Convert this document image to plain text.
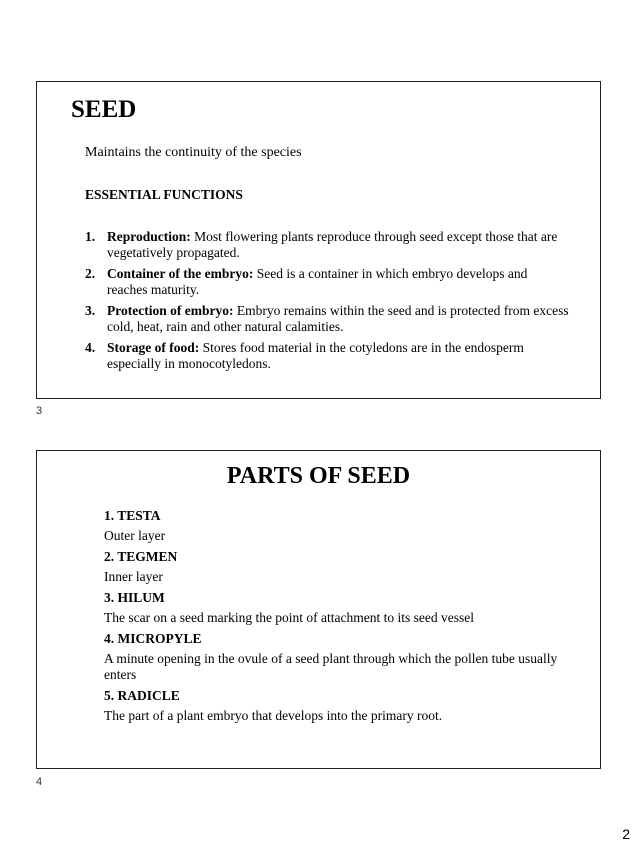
SEED

Maintains the continuity of the species

ESSENTIAL FUNCTIONS

1. Reproduction: Most flowering plants reproduce through seed except those that are vegetatively propagated.
2. Container of the embryo: Seed is a container in which embryo develops and reaches maturity.
3. Protection of embryo: Embryo remains within the seed and is protected from excess cold, heat, rain and other natural calamities.
4. Storage of food: Stores food material in the cotyledons are in the endosperm especially in monocotyledons.
3
PARTS OF SEED

1. TESTA

Outer layer

2. TEGMEN

Inner layer

3. HILUM

The scar on a seed marking the point of attachment to its seed vessel

4. MICROPYLE

A minute opening in the ovule of a seed plant through which the pollen tube usually enters

5. RADICLE

The part of a plant embryo that develops into the primary root.

4
2
